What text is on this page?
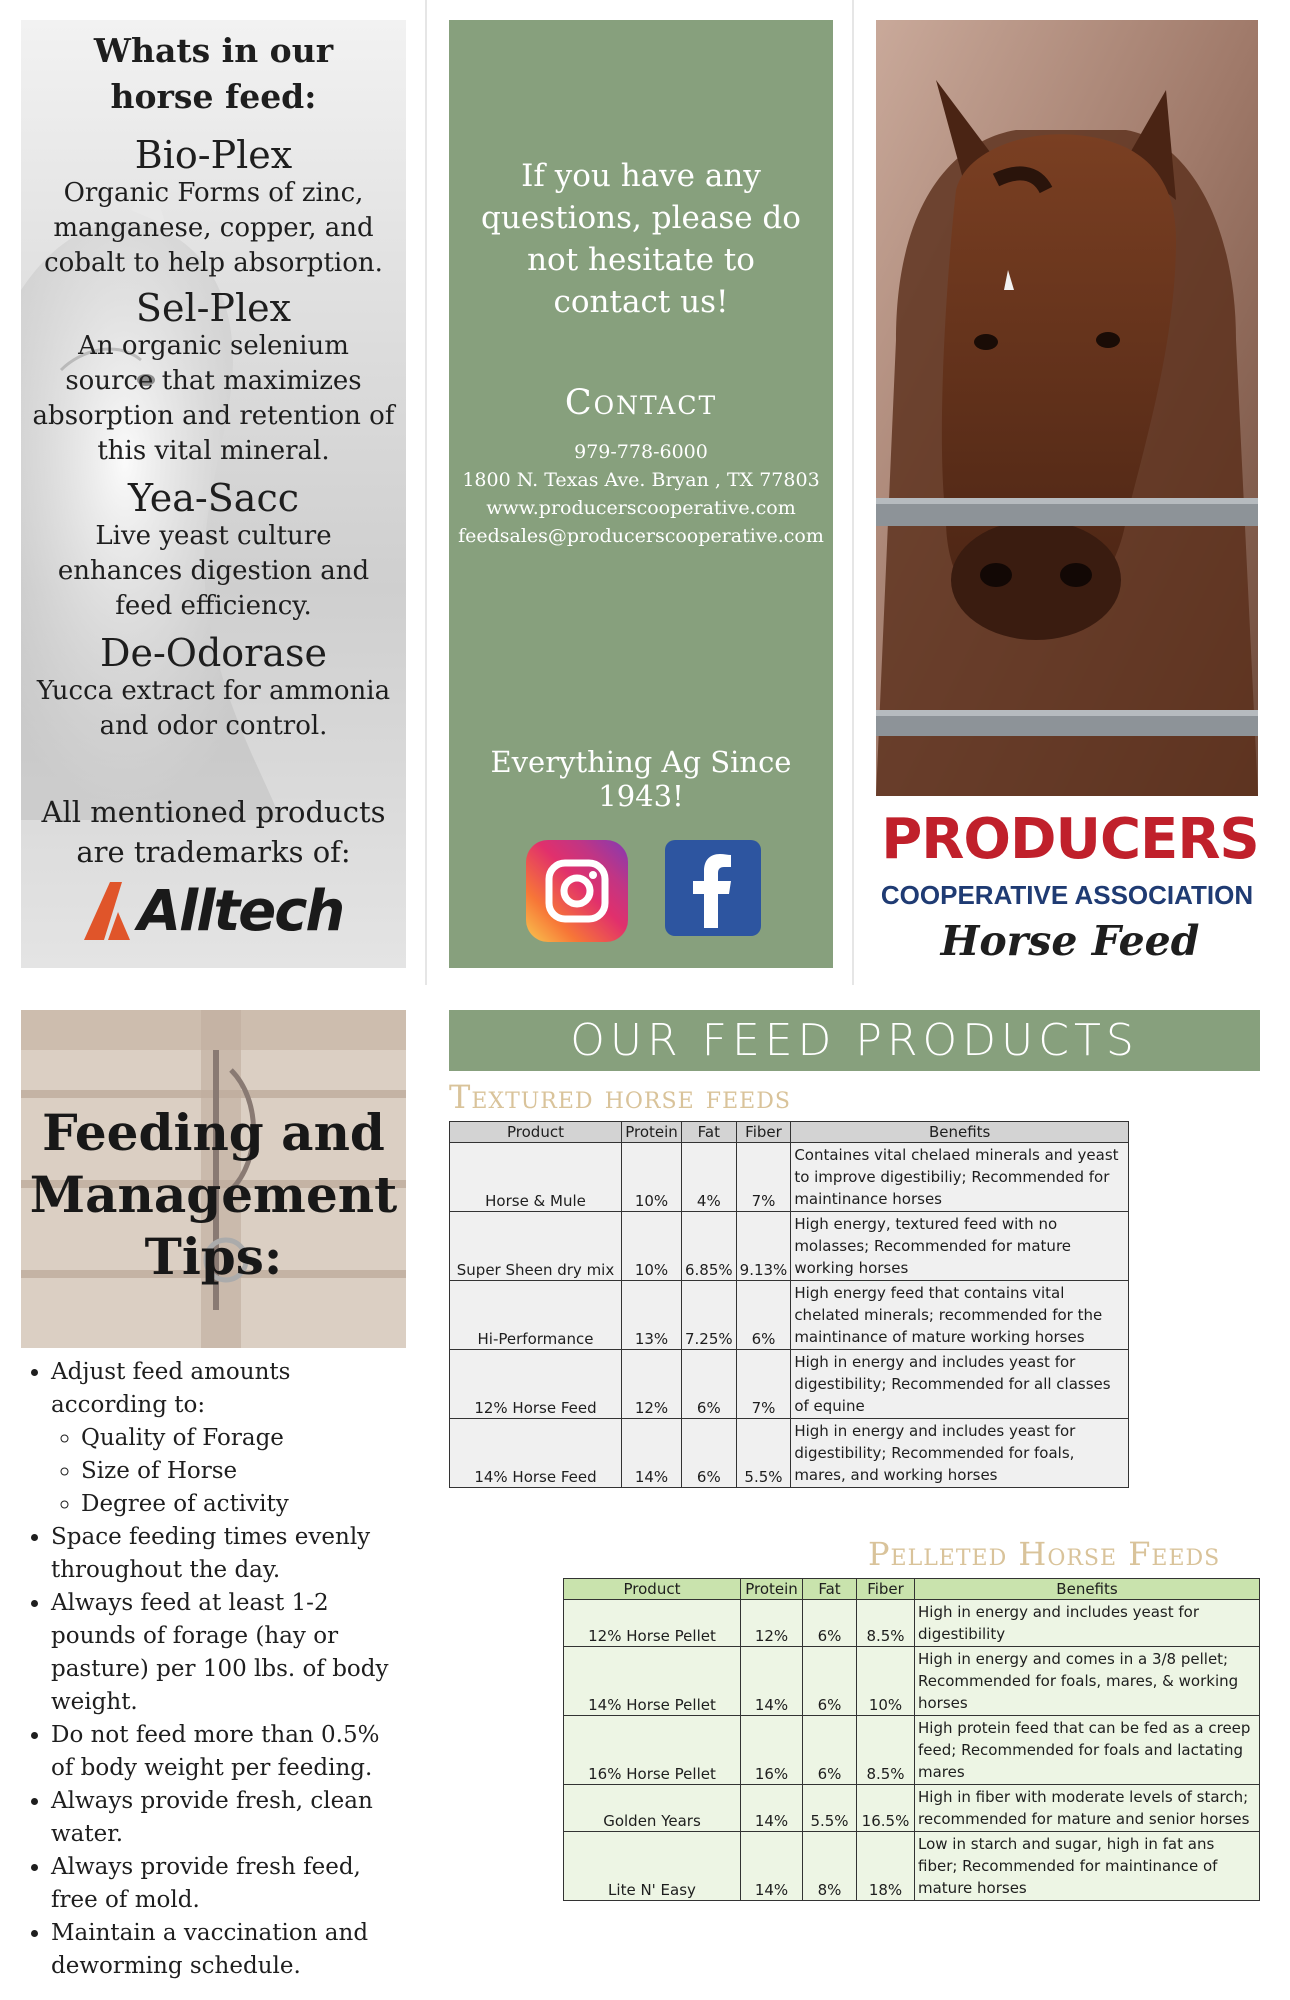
Whats in our horse feed:
Bio-Plex
Organic Forms of zinc, manganese, copper, and cobalt to help absorption.
Sel-Plex
An organic selenium source that maximizes absorption and retention of this vital mineral.
Yea-Sacc
Live yeast culture enhances digestion and feed efficiency.
De-Odorase
Yucca extract for ammonia and odor control.
All mentioned products are trademarks of:
Alltech
If you have any questions, please do not hesitate to contact us!
Contact
979-778-6000
1800 N. Texas Ave. Bryan , TX 77803
www.producerscooperative.com
feedsales@producerscooperative.com
Everything Ag Since 1943!
PRODUCERS
COOPERATIVE ASSOCIATION
Horse Feed
Feeding and Management Tips:
• Adjust feed amounts according to:
◦ Quality of Forage
◦ Size of Horse
◦ Degree of activity
• Space feeding times evenly throughout the day.
• Always feed at least 1-2 pounds of forage (hay or pasture) per 100 lbs. of body weight.
• Do not feed more than 0.5% of body weight per feeding.
• Always provide fresh, clean water.
• Always provide fresh feed, free of mold.
• Maintain a vaccination and deworming schedule.
OUR FEED PRODUCTS
Textured horse feeds
Product	Protein	Fat	Fiber	Benefits
Horse & Mule	10%	4%	7%	Containes vital chelaed minerals and yeast to improve digestibiliy; Recommended for maintinance horses
Super Sheen dry mix	10%	6.85%	9.13%	High energy, textured feed with no molasses; Recommended for mature working horses
Hi-Performance	13%	7.25%	6%	High energy feed that contains vital chelated minerals; recommended for the maintinance of mature working horses
12% Horse Feed	12%	6%	7%	High in energy and includes yeast for digestibility; Recommended for all classes of equine
14% Horse Feed	14%	6%	5.5%	High in energy and includes yeast for digestibility; Recommended for foals, mares, and working horses
Pelleted Horse Feeds
Product	Protein	Fat	Fiber	Benefits
12% Horse Pellet	12%	6%	8.5%	High in energy and includes yeast for digestibility
14% Horse Pellet	14%	6%	10%	High in energy and comes in a 3/8 pellet; Recommended for foals, mares, & working horses
16% Horse Pellet	16%	6%	8.5%	High protein feed that can be fed as a creep feed; Recommended for foals and lactating mares
Golden Years	14%	5.5%	16.5%	High in fiber with moderate levels of starch; recommended for mature and senior horses
Lite N' Easy	14%	8%	18%	Low in starch and sugar, high in fat ans fiber; Recommended for maintinance of mature horses
